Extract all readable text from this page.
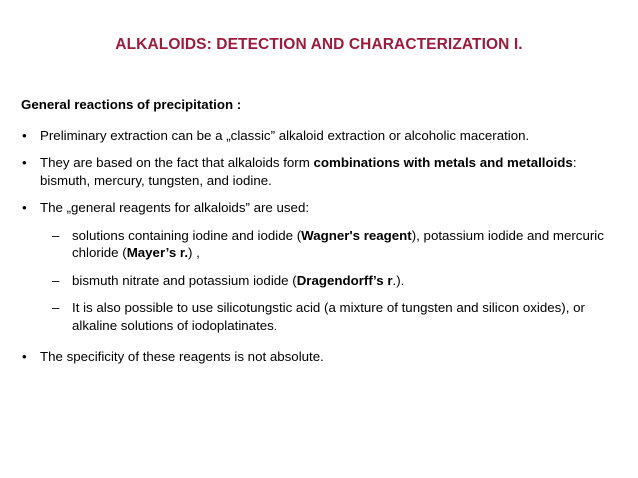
ALKALOIDS: DETECTION AND CHARACTERIZATION I.
General reactions of precipitation :
• Preliminary extraction can be a „classic” alkaloid extraction or alcoholic maceration.
• They are based on the fact that alkaloids form combinations with metals and metalloids: bismuth, mercury, tungsten, and iodine.
• The „general reagents for alkaloids” are used:
– solutions containing iodine and iodide (Wagner's reagent), potassium iodide and mercuric chloride (Mayer’s r.) ,
– bismuth nitrate and potassium iodide (Dragendorff’s r.).
– It is also possible to use silicotungstic acid (a mixture of tungsten and silicon oxides), or alkaline solutions of iodoplatinates.
• The specificity of these reagents is not absolute.
